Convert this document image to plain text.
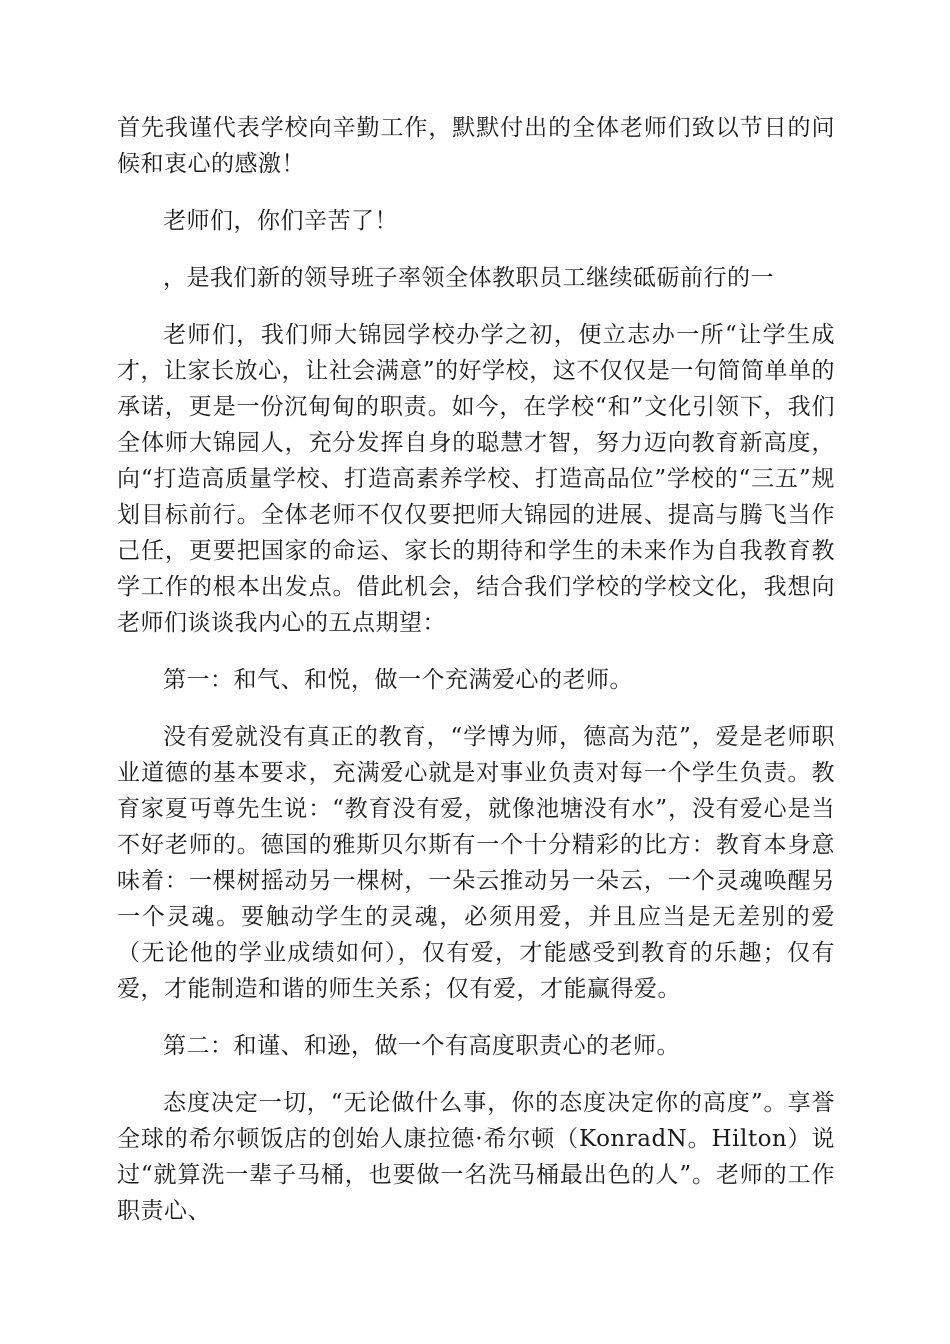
首先我谨代表学校向辛勤工作，默默付出的全体老师们致以节日的问候和衷心的感激！

老师们，你们辛苦了！

，是我们新的领导班子率领全体教职员工继续砥砺前行的一

老师们，我们师大锦园学校办学之初，便立志办一所“让学生成才，让家长放心，让社会满意”的好学校，这不仅仅是一句简简单单的承诺，更是一份沉甸甸的职责。如今，在学校“和”文化引领下，我们全体师大锦园人，充分发挥自身的聪慧才智，努力迈向教育新高度，向“打造高质量学校、打造高素养学校、打造高品位”学校的“三五”规划目标前行。全体老师不仅仅要把师大锦园的进展、提高与腾飞当作己任，更要把国家的命运、家长的期待和学生的未来作为自我教育教学工作的根本出发点。借此机会，结合我们学校的学校文化，我想向老师们谈谈我内心的五点期望：

第一：和气、和悦，做一个充满爱心的老师。

没有爱就没有真正的教育，“学博为师，德高为范”，爱是老师职业道德的基本要求，充满爱心就是对事业负责对每一个学生负责。教育家夏丏尊先生说：“教育没有爱，就像池塘没有水”，没有爱心是当不好老师的。德国的雅斯贝尔斯有一个十分精彩的比方：教育本身意味着：一棵树摇动另一棵树，一朵云推动另一朵云，一个灵魂唤醒另一个灵魂。要触动学生的灵魂，必须用爱，并且应当是无差别的爱（无论他的学业成绩如何），仅有爱，才能感受到教育的乐趣；仅有爱，才能制造和谐的师生关系；仅有爱，才能赢得爱。

第二：和谨、和逊，做一个有高度职责心的老师。

态度决定一切，“无论做什么事，你的态度决定你的高度”。享誉全球的希尔顿饭店的创始人康拉德·希尔顿（KonradN。Hilton）说过“就算洗一辈子马桶，也要做一名洗马桶最出色的人”。老师的工作职责心、
